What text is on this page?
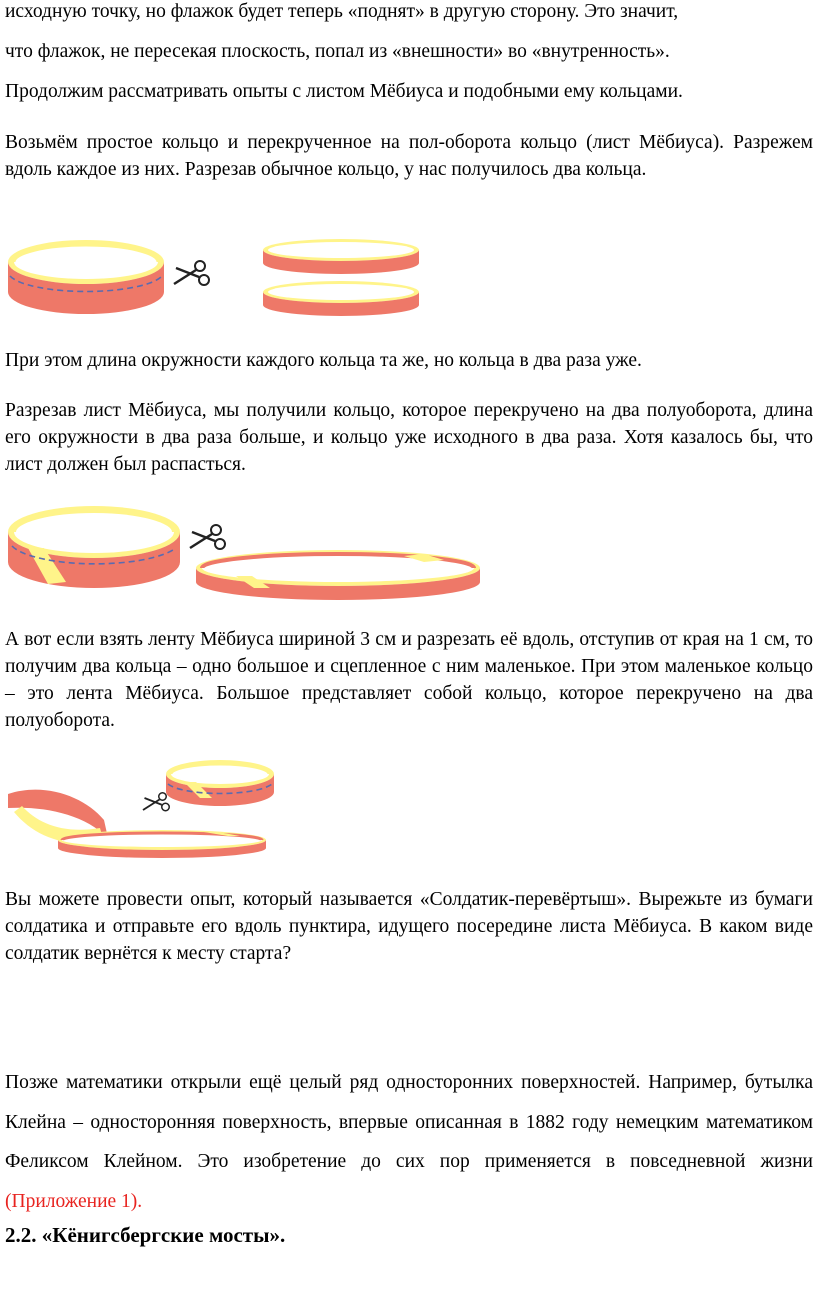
исходную точку, но флажок будет теперь «поднят» в другую сторону. Это значит,

что флажок, не пересекая плоскость, попал из «внешности» во «внутренность».

Продолжим рассматривать опыты с листом Мёбиуса и подобными ему кольцами.

Возьмём простое кольцо и перекрученное на пол-оборота кольцо (лист Мёбиуса). Разрежем вдоль каждое из них. Разрезав обычное кольцо, у нас получилось два кольца.

При этом длина окружности каждого кольца та же, но кольца в два раза уже.

Разрезав лист Мёбиуса, мы получили кольцо, которое перекручено на два полуоборота, длина его окружности в два раза больше, и кольцо уже исходного в два раза. Хотя казалось бы, что лист должен был распасться.

А вот если взять ленту Мёбиуса шириной 3 см и разрезать её вдоль, отступив от края на 1 см, то получим два кольца – одно большое и сцепленное с ним маленькое. При этом маленькое кольцо – это лента Мёбиуса. Большое представляет собой кольцо, которое перекручено на два полуоборота.

Вы можете провести опыт, который называется «Солдатик-перевёртыш». Вырежьте из бумаги солдатика и отправьте его вдоль пунктира, идущего посередине листа Мёбиуса. В каком виде солдатик вернётся к месту старта?

Позже математики открыли ещё целый ряд односторонних поверхностей. Например, бутылка Клейна – односторонняя поверхность, впервые описанная в 1882 году немецким математиком Феликсом Клейном. Это изобретение до сих пор применяется в повседневной жизни (Приложение 1).

2.2. «Кёнигсбергские мосты».
